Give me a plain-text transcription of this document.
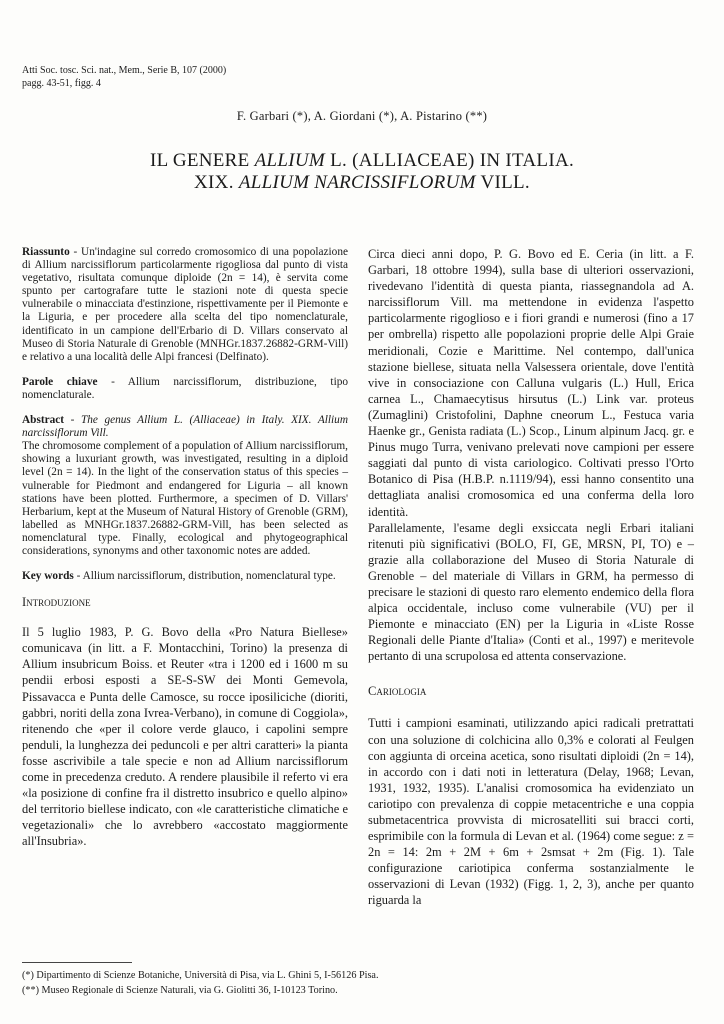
Atti Soc. tosc. Sci. nat., Mem., Serie B, 107 (2000)
pagg. 43-51, figg. 4
F. Garbari (*), A. Giordani (*), A. Pistarino (**)
IL GENERE ALLIUM L. (ALLIACEAE) IN ITALIA.
XIX. ALLIUM NARCISSIFLORUM VILL.

Riassunto - Un'indagine sul corredo cromosomico di una popolazione di Allium narcissiflorum particolarmente rigogliosa dal punto di vista vegetativo, risultata comunque diploide (2n = 14), è servita come spunto per cartografare tutte le stazioni note di questa specie vulnerabile o minacciata d'estinzione, rispettivamente per il Piemonte e la Liguria, e per procedere alla scelta del tipo nomenclaturale, identificato in un campione dell'Erbario di D. Villars conservato al Museo di Storia Naturale di Grenoble (MNHGr.1837.26882-GRM-Vill) e relativo a una località delle Alpi francesi (Delfinato).

Parole chiave - Allium narcissiflorum, distribuzione, tipo nomenclaturale.

Abstract - The genus Allium L. (Alliaceae) in Italy. XIX. Allium narcissiflorum Vill.

The chromosome complement of a population of Allium narcissiflorum, showing a luxuriant growth, was investigated, resulting in a diploid level (2n = 14). In the light of the conservation status of this species – vulnerable for Piedmont and endangered for Liguria – all known stations have been plotted. Furthermore, a specimen of D. Villars' Herbarium, kept at the Museum of Natural History of Grenoble (GRM), labelled as MNHGr.1837.26882-GRM-Vill, has been selected as nomenclatural type. Finally, ecological and phytogeographical considerations, synonyms and other taxonomic notes are added.

Key words - Allium narcissiflorum, distribution, nomenclatural type.

Introduzione

Il 5 luglio 1983, P. G. Bovo della «Pro Natura Biellese» comunicava (in litt. a F. Montacchini, Torino) la presenza di Allium insubricum Boiss. et Reuter «tra i 1200 ed i 1600 m su pendii erbosi esposti a SE-S-SW dei Monti Gemevola, Pissavacca e Punta delle Camosce, su rocce iposiliciche (dioriti, gabbri, noriti della zona Ivrea-Verbano), in comune di Coggiola», ritenendo che «per il colore verde glauco, i capolini sempre penduli, la lunghezza dei peduncoli e per altri caratteri» la pianta fosse ascrivibile a tale specie e non ad Allium narcissiflorum come in precedenza creduto. A rendere plausibile il referto vi era «la posizione di confine fra il distretto insubrico e quello alpino» del territorio biellese indicato, con «le caratteristiche climatiche e vegetazionali» che lo avrebbero «accostato maggiormente all'Insubria».

Circa dieci anni dopo, P. G. Bovo ed E. Ceria (in litt. a F. Garbari, 18 ottobre 1994), sulla base di ulteriori osservazioni, rivedevano l'identità di questa pianta, riassegnandola ad A. narcissiflorum Vill. ma mettendone in evidenza l'aspetto particolarmente rigoglioso e i fiori grandi e numerosi (fino a 17 per ombrella) rispetto alle popolazioni proprie delle Alpi Graie meridionali, Cozie e Marittime. Nel contempo, dall'unica stazione biellese, situata nella Valsessera orientale, dove l'entità vive in consociazione con Calluna vulgaris (L.) Hull, Erica carnea L., Chamaecytisus hirsutus (L.) Link var. proteus (Zumaglini) Cristofolini, Daphne cneorum L., Festuca varia Haenke gr., Genista radiata (L.) Scop., Linum alpinum Jacq. gr. e Pinus mugo Turra, venivano prelevati nove campioni per essere saggiati dal punto di vista cariologico. Coltivati presso l'Orto Botanico di Pisa (H.B.P. n.1119/94), essi hanno consentito una dettagliata analisi cromosomica ed una conferma della loro identità.

Parallelamente, l'esame degli exsiccata negli Erbari italiani ritenuti più significativi (BOLO, FI, GE, MRSN, PI, TO) e – grazie alla collaborazione del Museo di Storia Naturale di Grenoble – del materiale di Villars in GRM, ha permesso di precisare le stazioni di questo raro elemento endemico della flora alpica occidentale, incluso come vulnerabile (VU) per il Piemonte e minacciato (EN) per la Liguria in «Liste Rosse Regionali delle Piante d'Italia» (Conti et al., 1997) e meritevole pertanto di una scrupolosa ed attenta conservazione.

Cariologia

Tutti i campioni esaminati, utilizzando apici radicali pretrattati con una soluzione di colchicina allo 0,3% e colorati al Feulgen con aggiunta di orceina acetica, sono risultati diploidi (2n = 14), in accordo con i dati noti in letteratura (Delay, 1968; Levan, 1931, 1932, 1935). L'analisi cromosomica ha evidenziato un cariotipo con prevalenza di coppie metacentriche e una coppia submetacentrica provvista di microsatelliti sui bracci corti, esprimibile con la formula di Levan et al. (1964) come segue: z = 2n = 14: 2m + 2M + 6m + 2smsat + 2m (Fig. 1). Tale configurazione cariotipica conferma sostanzialmente le osservazioni di Levan (1932) (Figg. 1, 2, 3), anche per quanto riguarda la

(*) Dipartimento di Scienze Botaniche, Università di Pisa, via L. Ghini 5, I-56126 Pisa.
(**) Museo Regionale di Scienze Naturali, via G. Giolitti 36, I-10123 Torino.
